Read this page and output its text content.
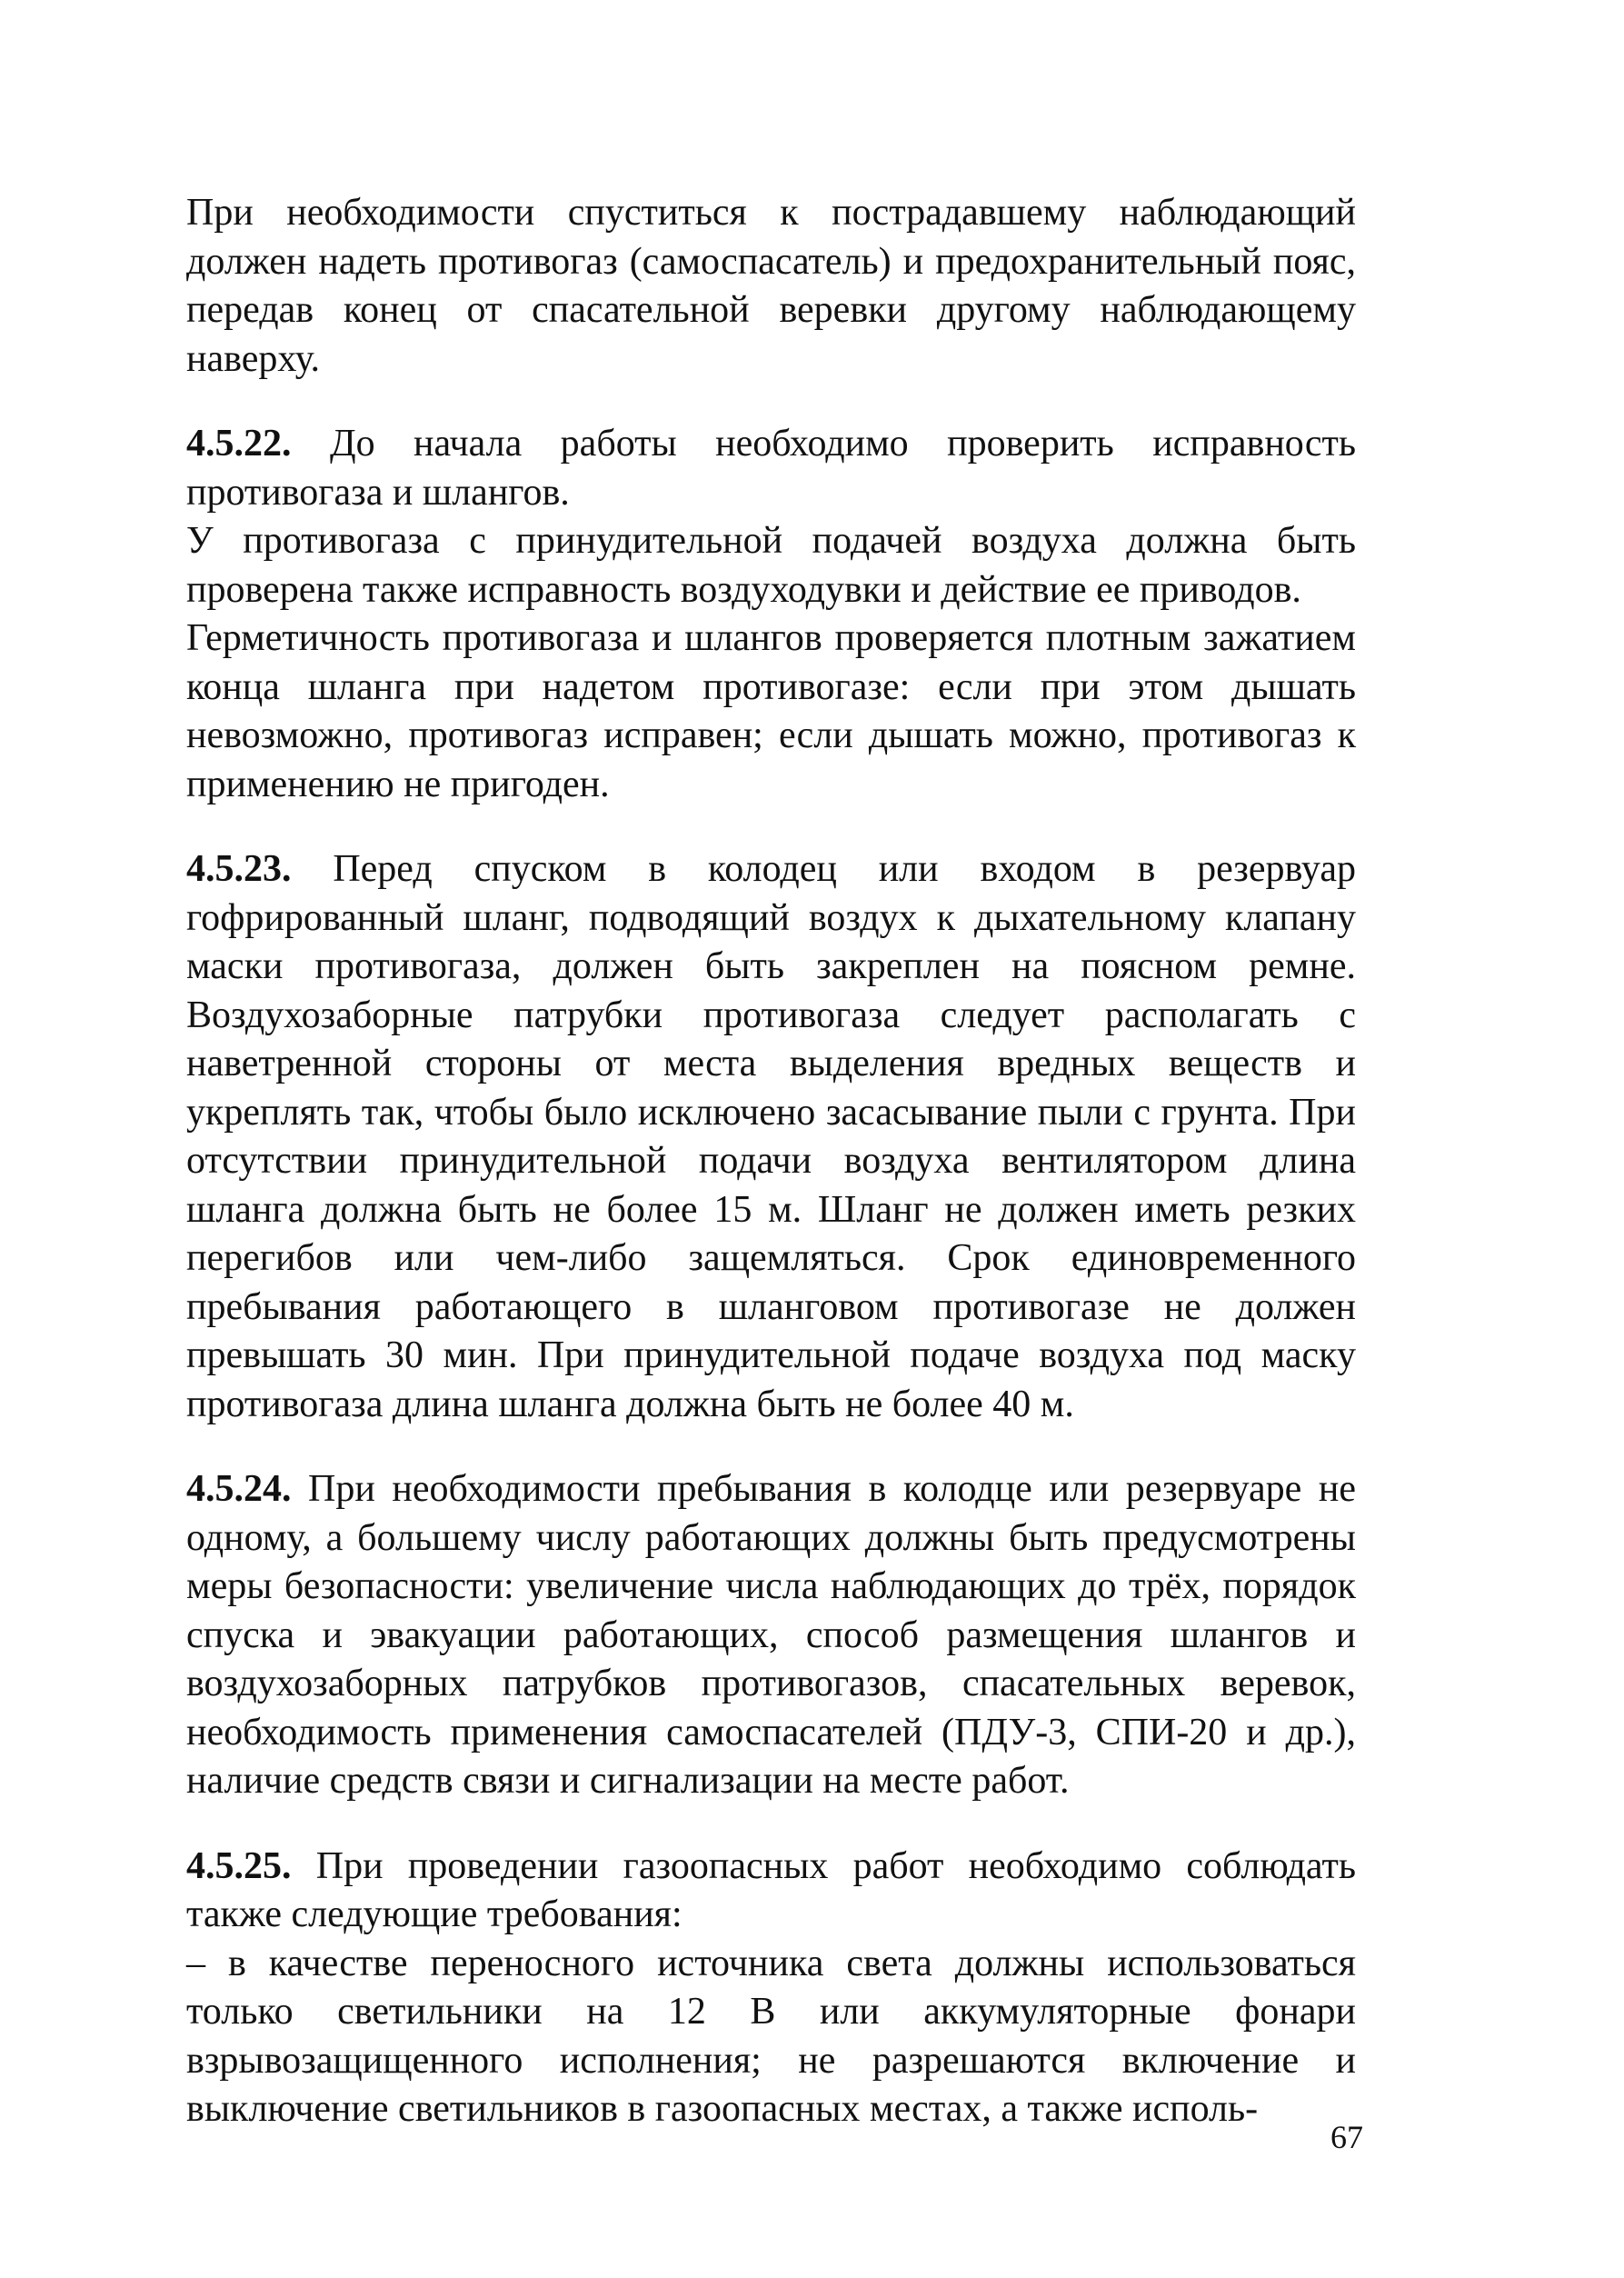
При необходимости спуститься к пострадавшему наблюдающий должен надеть противогаз (самоспасатель) и предохранительный пояс, передав конец от спасательной веревки другому наблюдающему наверху.

4.5.22. До начала работы необходимо проверить исправность противогаза и шлангов.

У противогаза с принудительной подачей воздуха должна быть проверена также исправность воздуходувки и действие ее приводов.

Герметичность противогаза и шлангов проверяется плотным зажатием конца шланга при надетом противогазе: если при этом дышать невозможно, противогаз исправен; если дышать можно, противогаз к применению не пригоден.

4.5.23. Перед спуском в колодец или входом в резервуар гофрированный шланг, подводящий воздух к дыхательному клапану маски противогаза, должен быть закреплен на поясном ремне. Воздухозаборные патрубки противогаза следует располагать с наветренной стороны от места выделения вредных веществ и укреплять так, чтобы было исключено засасывание пыли с грунта. При отсутствии принудительной подачи воздуха вентилятором длина шланга должна быть не более 15 м. Шланг не должен иметь резких перегибов или чем-либо защемляться. Срок единовременного пребывания работающего в шланговом противогазе не должен превышать 30 мин. При принудительной подаче воздуха под маску противогаза длина шланга должна быть не более 40 м.

4.5.24. При необходимости пребывания в колодце или резервуаре не одному, а большему числу работающих должны быть предусмотрены меры безопасности: увеличение числа наблюдающих до трёх, порядок спуска и эвакуации работающих, способ размещения шлангов и воздухозаборных патрубков противогазов, спасательных веревок, необходимость применения самоспасателей (ПДУ-3, СПИ-20 и др.), наличие средств связи и сигнализации на месте работ.

4.5.25. При проведении газоопасных работ необходимо соблюдать также следующие требования:

– в качестве переносного источника света должны использоваться только светильники на 12 В или аккумуляторные фонари взрывозащищенного исполнения; не разрешаются включение и выключение светильников в газоопасных местах, а также исполь-

67
